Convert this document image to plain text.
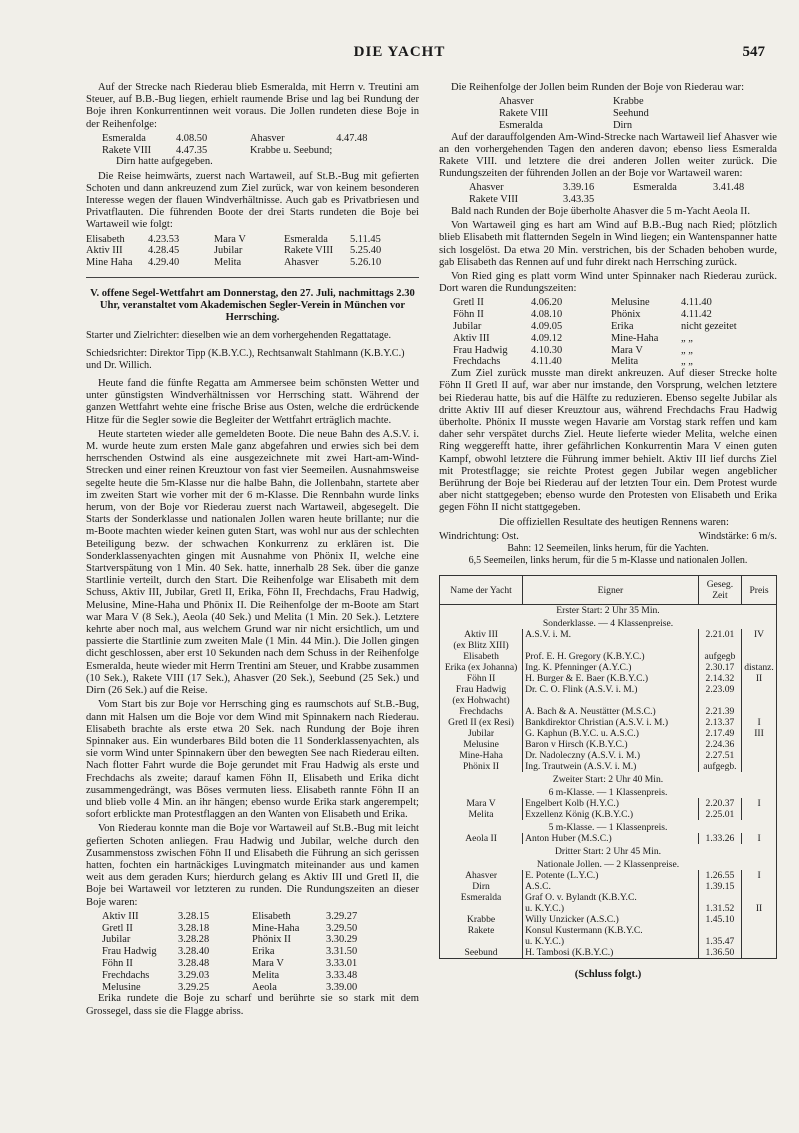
DIE YACHT	547

Auf der Strecke nach Riederau blieb Esmeralda, mit Herrn v. Treutini am Steuer, auf B.B.-Bug liegen, erhielt raumende Brise und lag bei Rundung der Boje ihren Konkurrentinnen weit voraus. Die Jollen rundeten diese Boje in der Reihenfolge:

Esmeralda	4.08.50	Ahasver	4.47.48
Rakete VIII	4.47.35	Krabbe u. Seebund;	

Dirn hatte aufgegeben.

Die Reise heimwärts, zuerst nach Wartaweil, auf St.B.-Bug mit gefierten Schoten und dann ankreuzend zum Ziel zurück, war von keinem besonderen Interesse wegen der flauen Windverhältnisse. Auch gab es Privatbriesen und Privatflauten. Die führenden Boote der drei Starts rundeten die Boje bei Wartaweil wie folgt:

Elisabeth	4.23.53	Mara V		Esmeralda	5.11.45
Aktiv III	4.28.45	Jubilar		Rakete VIII	5.25.40
Mine Haha	4.29.40	Melita		Ahasver	5.26.10
V. offene Segel-Wettfahrt am Donnerstag, den 27. Juli, nachmittags 2.30 Uhr, veranstaltet vom Akademischen Segler-Verein in München vor Herrsching.
Starter und Zielrichter: dieselben wie an dem vorhergehenden Regattatage.
Schiedsrichter: Direktor Tipp (K.B.Y.C.), Rechtsanwalt Stahlmann (K.B.Y.C.) und Dr. Willich.

Heute fand die fünfte Regatta am Ammersee beim schönsten Wetter und unter günstigsten Windverhältnissen vor Herrsching statt. Während der ganzen Wettfahrt wehte eine frische Brise aus Osten, welche die erdrückende Hitze für die Segler sowie die Begleiter der Wettfahrt erträglich machte.

Heute starteten wieder alle gemeldeten Boote. Die neue Bahn des A.S.V. i. M. wurde heute zum ersten Male ganz abgefahren und erwies sich bei dem herrschenden Ostwind als eine ausgezeichnete mit zwei Hart-am-Wind-Strecken und einer reinen Kreuztour von fast vier Seemeilen. Ausnahmsweise segelte heute die 5m-Klasse nur die halbe Bahn, die Jollenbahn, startete aber im zweiten Start wie vorher mit der 6 m-Klasse. Die Rennbahn wurde links herum, von der Boje vor Riederau zuerst nach Wartaweil, abgesegelt. Die Starts der Sonderklasse und nationalen Jollen waren heute brillante; nur die m-Boote machten wieder keinen guten Start, was wohl nur aus der schlechten Beteiligung bezw. der schwachen Konkurrenz zu erklären ist. Die Sonderklassenyachten gingen mit Ausnahme von Phönix II, welche eine Startverspätung von 1 Min. 40 Sek. hatte, innerhalb 28 Sek. über die ganze Startlinie verteilt, durch den Start. Die Reihenfolge war Elisabeth mit dem Schuss, Aktiv III, Jubilar, Gretl II, Erika, Föhn II, Frechdachs, Frau Hadwig, Melusine, Mine-Haha und Phönix II. Die Reihenfolge der m-Boote am Start war Mara V (8 Sek.), Aeola (40 Sek.) und Melita (1 Min. 20 Sek.). Letztere kehrte aber noch mal, aus welchem Grund war nir nicht ersichtlich, um und passierte die Startlinie zum zweiten Male (1 Min. 44 Min.). Die Jollen gingen dicht geschlossen, aber erst 10 Sekunden nach dem Schuss in der Reihenfolge Esmeralda, heute wieder mit Herrn Trentini am Steuer, und Krabbe zusammen (10 Sek.), Rakete VIII (17 Sek.), Ahasver (20 Sek.), Seebund (25 Sek.) und Dirn (26 Sek.) auf die Reise.

Vom Start bis zur Boje vor Herrsching ging es raumschots auf St.B.-Bug, dann mit Halsen um die Boje vor dem Wind mit Spinnakern nach Riederau. Elisabeth brachte als erste etwa 20 Sek. nach Rundung der Boje ihren Spinnaker aus. Ein wunderbares Bild boten die 11 Sonderklassenyachten, als sie vorm Wind unter Spinnakern über den bewegten See nach Riederau eilten. Nach flotter Fahrt wurde die Boje gerundet mit Frau Hadwig als erste und Frechdachs als zweite; darauf kamen Föhn II, Elisabeth und Erika dicht zusammengedrängt, was Böses vermuten liess. Elisabeth rannte Föhn II an und blieb volle 4 Min. an ihr hängen; ebenso wurde Erika stark angerempelt; sofort erblickte man Protestflaggen an den Wanten von Elisabeth und Erika.

Von Riederau konnte man die Boje vor Wartaweil auf St.B.-Bug mit leicht gefierten Schoten anliegen. Frau Hadwig und Jubilar, welche durch den Zusammenstoss zwischen Föhn II und Elisabeth die Führung an sich gerissen hatten, fochten ein hartnäckiges Luvingmatch miteinander aus und kamen weit aus dem geraden Kurs; hierdurch gelang es Aktiv III und Gretl II, die Boje bei Wartaweil vor letzteren zu runden. Die Rundungszeiten an dieser Boje waren:

Aktiv III	3.28.15	Elisabeth	3.29.27
Gretl II	3.28.18	Mine-Haha	3.29.50
Jubilar	3.28.28	Phönix II	3.30.29
Frau Hadwig	3.28.40	Erika	3.31.50
Föhn II	3.28.48	Mara V	3.33.01
Frechdachs	3.29.03	Melita	3.33.48
Melusine	3.29.25	Aeola	3.39.00

Erika rundete die Boje zu scharf und berührte sie so stark mit dem Grossegel, dass sie die Flagge abriss.

Die Reihenfolge der Jollen beim Runden der Boje von Riederau war:

Ahasver	Krabbe
Rakete VIII	Seehund
Esmeralda	Dirn

Auf der darauffolgenden Am-Wind-Strecke nach Wartaweil lief Ahasver wie an den vorhergehenden Tagen den anderen davon; ebenso liess Esmeralda Rakete VIII. und letztere die drei anderen Jollen weiter zurück. Die Rundungszeiten der führenden Jollen an der Boje vor Wartaweil waren:

Ahasver	3.39.16	Esmeralda	3.41.48
Rakete VIII	3.43.35		

Bald nach Runden der Boje überholte Ahasver die 5 m-Yacht Aeola II.

Von Wartaweil ging es hart am Wind auf B.B.-Bug nach Ried; plötzlich blieb Elisabeth mit flatternden Segeln in Wind liegen; ein Wantenspanner hatte sich losgelöst. Da etwa 20 Min. verstrichen, bis der Schaden behoben wurde, gab Elisabeth das Rennen auf und fuhr direkt nach Herrsching zurück.

Von Ried ging es platt vorm Wind unter Spinnaker nach Riederau zurück. Dort waren die Rundungszeiten:

Gretl II	4.06.20	Melusine	4.11.40
Föhn II	4.08.10	Phönix	4.11.42
Jubilar	4.09.05	Erika	nicht gezeitet
Aktiv III	4.09.12	Mine-Haha	„ „
Frau Hadwig	4.10.30	Mara V	„ „
Frechdachs	4.11.40	Melita	„ „

Zum Ziel zurück musste man direkt ankreuzen. Auf dieser Strecke holte Föhn II Gretl II auf, war aber nur imstande, den Vorsprung, welchen letztere bei Riederau hatte, bis auf die Hälfte zu reduzieren. Ebenso segelte Jubilar als dritte Aktiv III auf dieser Kreuztour aus, während Frechdachs Frau Hadwig überholte. Phönix II musste wegen Havarie am Vorstag stark reffen und kam daher sehr verspätet durchs Ziel. Heute lieferte wieder Melita, welche einen Ring weggerefft hatte, ihrer gefährlichen Konkurrentin Mara V einen guten Kampf, obwohl letztere die Führung immer behielt. Aktiv III lief durchs Ziel mit Protestflagge; sie reichte Protest gegen Jubilar wegen angeblicher Berührung der Boje bei Riederau auf der letzten Tour ein. Dem Protest wurde aber nicht stattgegeben; ebenso wurde den Protesten von Elisabeth und Erika gegen Föhn II nicht stattgegeben.

Die offiziellen Resultate des heutigen Rennens waren:

Windrichtung: Ost.	Windstärke: 6 m/s.
Bahn: 12 Seemeilen, links herum, für die Yachten.
6,5 Seemeilen, links herum, für die 5 m-Klasse und nationalen Jollen.
Name der Yacht	Eigner	Geseg. Zeit	Preis
Erster Start: 2 Uhr 35 Min.			
Sonderklasse. — 4 Klassenpreise.			
Aktiv III	A.S.V. i. M.	2.21.01	IV
(ex Blitz XIII)			
Elisabeth	Prof. E. H. Gregory (K.B.Y.C.)	aufgegb	
Erika (ex Johanna)	Ing. K. Pfenninger (A.Y.C.)	2.30.17	distanz.
Föhn II	H. Burger & E. Baer (K.B.Y.C.)	2.14.32	II
Frau Hadwig	Dr. C. O. Flink (A.S.V. i. M.)	2.23.09	
(ex Hohwacht)			
Frechdachs	A. Bach & A. Neustätter (M.S.C.)	2.21.39	
Gretl II (ex Resi)	Bankdirektor Christian (A.S.V. i. M.)	2.13.37	I
Jubilar	G. Kaphun (B.Y.C. u. A.S.C.)	2.17.49	III
Melusine	Baron v Hirsch (K.B.Y.C.)	2.24.36	
Mine-Haha	Dr. Nadoleczny (A.S.V. i. M.)	2.27.51	
Phönix II	Ing. Trautwein (A.S.V. i. M.)	aufgegb.	
Zweiter Start: 2 Uhr 40 Min.			
6 m-Klasse. — 1 Klassenpreis.			
Mara V	Engelbert Kolb (H.Y.C.)	2.20.37	I
Melita	Exzellenz König (K.B.Y.C.)	2.25.01	
5 m-Klasse. — 1 Klassenpreis.			
Aeola II	Anton Huber (M.S.C.)	1.33.26	I
Dritter Start: 2 Uhr 45 Min.			
Nationale Jollen. — 2 Klassenpreise.			
Ahasver	E. Potente (L.Y.C.)	1.26.55	I
Dirn	A.S.C.	1.39.15	
Esmeralda	Graf O. v. Bylandt (K.B.Y.C.		
	u. K.Y.C.)	1.31.52	II
Krabbe	Willy Unzicker (A.S.C.)	1.45.10	
Rakete	Konsul Kustermann (K.B.Y.C.		
	u. K.Y.C.)	1.35.47	
Seebund	H. Tambosi (K.B.Y.C.)	1.36.50	
(Schluss folgt.)
